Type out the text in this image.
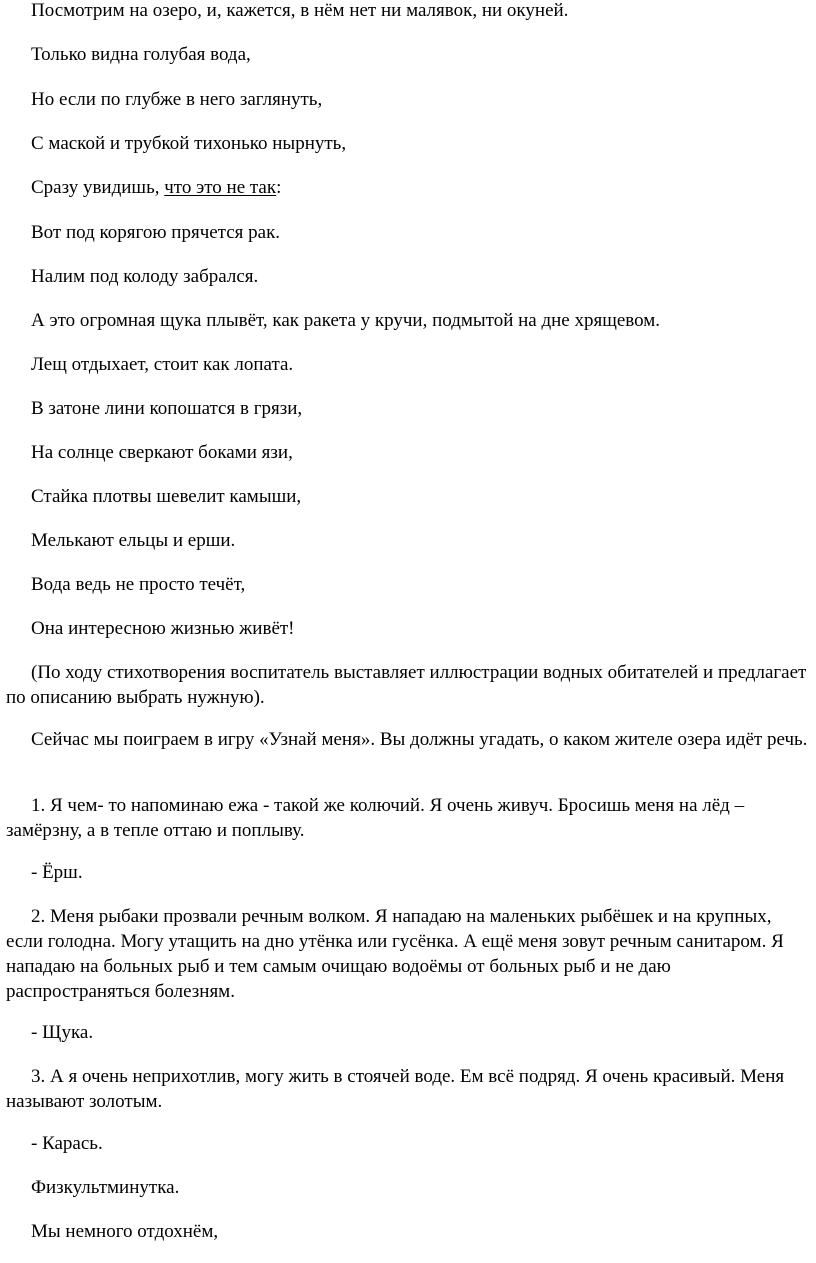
Посмотрим на озеро, и, кажется, в нём нет ни малявок, ни окуней.

Только видна голубая вода,

Но если по глубже в него заглянуть,

С маской и трубкой тихонько нырнуть,

Сразу увидишь, что это не так:

Вот под корягою прячется рак.

Налим под колоду забрался.

А это огромная щука плывёт, как ракета у кручи, подмытой на дне хрящевом.

Лещ отдыхает, стоит как лопата.

В затоне лини копошатся в грязи,

На солнце сверкают боками язи,

Стайка плотвы шевелит камыши,

Мелькают ельцы и ерши.

Вода ведь не просто течёт,

Она интересною жизнью живёт!

(По ходу стихотворения воспитатель выставляет иллюстрации водных обитателей и предлагает по описанию выбрать нужную).

Сейчас мы поиграем в игру «Узнай меня». Вы должны угадать, о каком жителе озера идёт речь.

1. Я чем- то напоминаю ежа - такой же колючий. Я очень живуч. Бросишь меня на лёд – замёрзну, а в тепле оттаю и поплыву.

- Ёрш.

2. Меня рыбаки прозвали речным волком. Я нападаю на маленьких рыбёшек и на крупных, если голодна. Могу утащить на дно утёнка или гусёнка. А ещё меня зовут речным санитаром. Я нападаю на больных рыб и тем самым очищаю водоёмы от больных рыб и не даю распространяться болезням.

- Щука.

3. А я очень неприхотлив, могу жить в стоячей воде. Ем всё подряд. Я очень красивый. Меня называют золотым.

- Карась.

Физкультминутка.

Мы немного отдохнём,
